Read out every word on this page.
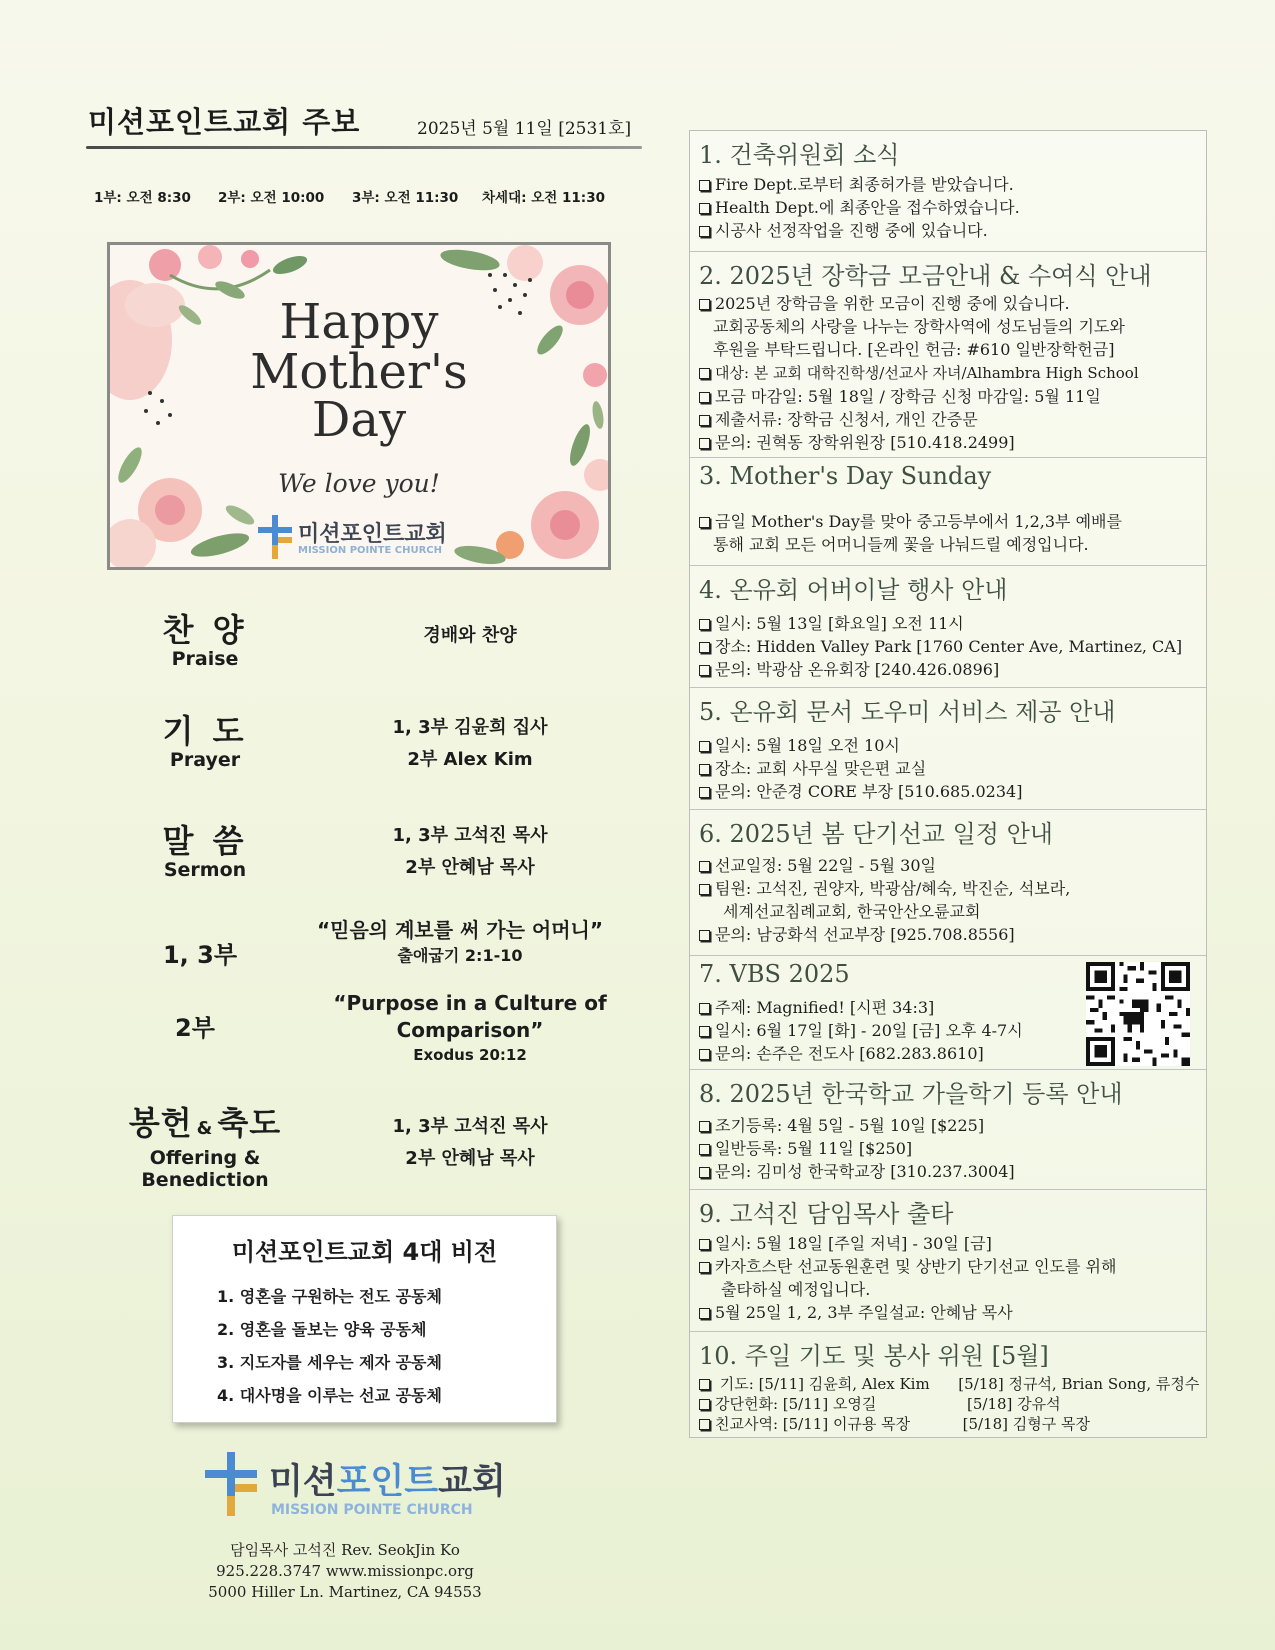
미션포인트교회 주보	2025년 5월 11일 [2531호]
1부: 오전 8:30 2부: 오전 10:00 3부: 오전 11:30 차세대: 오전 11:30
Happy
Mother's
Day
We love you!
미션포인트교회
MISSION POINTE CHURCH
찬 양
Praise
경배와 찬양
기 도
Prayer
1, 3부 김윤희 집사
2부 Alex Kim
말 씀
Sermon
1, 3부 고석진 목사
2부 안혜남 목사
1, 3부
“믿음의 계보를 써 가는 어머니”
출애굽기 2:1-10
2부
“Purpose in a Culture of
Comparison”
Exodus 20:12
봉헌 & 축도
Offering &
Benediction
1, 3부 고석진 목사
2부 안혜남 목사
미션포인트교회 4대 비전
1. 영혼을 구원하는 전도 공동체
2. 영혼을 돌보는 양육 공동체
3. 지도자를 세우는 제자 공동체
4. 대사명을 이루는 선교 공동체
미션포인트교회
MISSION POINTE CHURCH
담임목사 고석진 Rev. SeokJin Ko
925.228.3747 www.missionpc.org
5000 Hiller Ln. Martinez, CA 94553
1. 건축위원회 소식
Fire Dept.로부터 최종허가를 받았습니다.
Health Dept.에 최종안을 접수하였습니다.
시공사 선정작업을 진행 중에 있습니다.
2. 2025년 장학금 모금안내 & 수여식 안내
2025년 장학금을 위한 모금이 진행 중에 있습니다.
교회공동체의 사랑을 나누는 장학사역에 성도님들의 기도와
후원을 부탁드립니다. [온라인 헌금: #610 일반장학헌금]
대상: 본 교회 대학진학생/선교사 자녀/Alhambra High School
모금 마감일: 5월 18일 / 장학금 신청 마감일: 5월 11일
제출서류: 장학금 신청서, 개인 간증문
문의: 권혁동 장학위원장 [510.418.2499]
3. Mother's Day Sunday
금일 Mother's Day를 맞아 중고등부에서 1,2,3부 예배를
통해 교회 모든 어머니들께 꽃을 나눠드릴 예정입니다.
4. 온유회 어버이날 행사 안내
일시: 5월 13일 [화요일] 오전 11시
장소: Hidden Valley Park [1760 Center Ave, Martinez, CA]
문의: 박광삼 온유회장 [240.426.0896]
5. 온유회 문서 도우미 서비스 제공 안내
일시: 5월 18일 오전 10시
장소: 교회 사무실 맞은편 교실
문의: 안준경 CORE 부장 [510.685.0234]
6. 2025년 봄 단기선교 일정 안내
선교일정: 5월 22일 - 5월 30일
팀원: 고석진, 권양자, 박광삼/혜숙, 박진순, 석보라,
세계선교침례교회, 한국안산오륜교회
문의: 남궁화석 선교부장 [925.708.8556]
7. VBS 2025
주제: Magnified! [시편 34:3]
일시: 6월 17일 [화] - 20일 [금] 오후 4-7시
문의: 손주은 전도사 [682.283.8610]
8. 2025년 한국학교 가을학기 등록 안내
조기등록: 4월 5일 - 5월 10일 [$225]
일반등록: 5월 11일 [$250]
문의: 김미성 한국학교장 [310.237.3004]
9. 고석진 담임목사 출타
일시: 5월 18일 [주일 저녁] - 30일 [금]
카자흐스탄 선교동원훈련 및 상반기 단기선교 인도를 위해
출타하실 예정입니다.
5월 25일 1, 2, 3부 주일설교: 안혜남 목사
10. 주일 기도 및 봉사 위원 [5월]
기도: [5/11] 김윤희, Alex Kim      [5/18] 정규석, Brian Song, 류정수
강단헌화: [5/11] 오영길                   [5/18] 강유석
친교사역: [5/11] 이규용 목장           [5/18] 김형구 목장
